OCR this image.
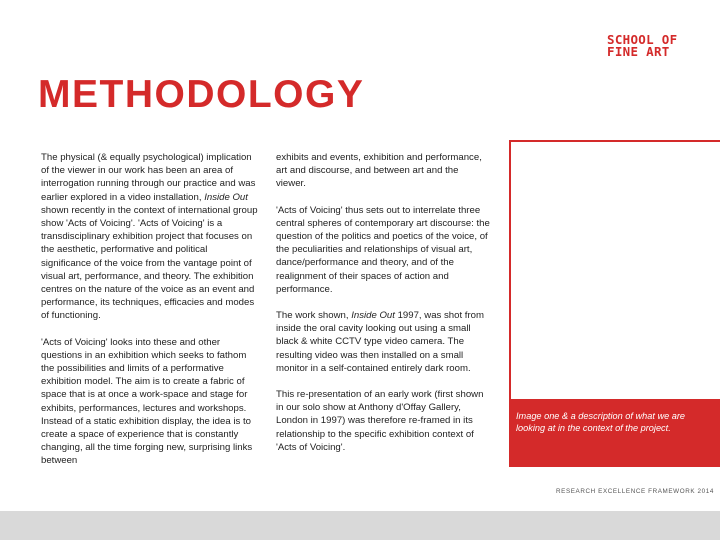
SCHOOL OF
FINE ART
METHODOLOGY

The physical (& equally psychological) implication of the viewer in our work has been an area of interrogation running through our practice and was earlier explored in a video installation, Inside Out shown recently in the context of international group show 'Acts of Voicing'. 'Acts of Voicing' is a transdisciplinary exhibition project that focuses on the aesthetic, performative and political significance of the voice from the vantage point of visual art, performance, and theory. The exhibition centres on the nature of the voice as an event and performance, its techniques, efficacies and modes of functioning.

'Acts of Voicing' looks into these and other questions in an exhibition which seeks to fathom the possibilities and limits of a performative exhibition model. The aim is to create a fabric of space that is at once a work-space and stage for exhibits, performances, lectures and workshops. Instead of a static exhibition display, the idea is to create a space of experience that is constantly changing, all the time forging new, surprising links between

exhibits and events, exhibition and performance, art and discourse, and between art and the viewer.

'Acts of Voicing' thus sets out to interrelate three central spheres of contemporary art discourse: the question of the politics and poetics of the voice, of the peculiarities and relationships of visual art, dance/performance and theory, and of the realignment of their spaces of action and performance.

The work shown, Inside Out 1997, was shot from inside the oral cavity looking out using a small black & white CCTV type video camera. The resulting video was then installed on a small monitor in a self-contained entirely dark room.

This re-presentation of an early work (first shown in our solo show at Anthony d'Offay Gallery, London in 1997) was therefore re-framed in its relationship to the specific exhibition context of 'Acts of Voicing'.

Image one & a description of what we are looking at in the context of the project.
RESEARCH EXCELLENCE FRAMEWORK 2014
